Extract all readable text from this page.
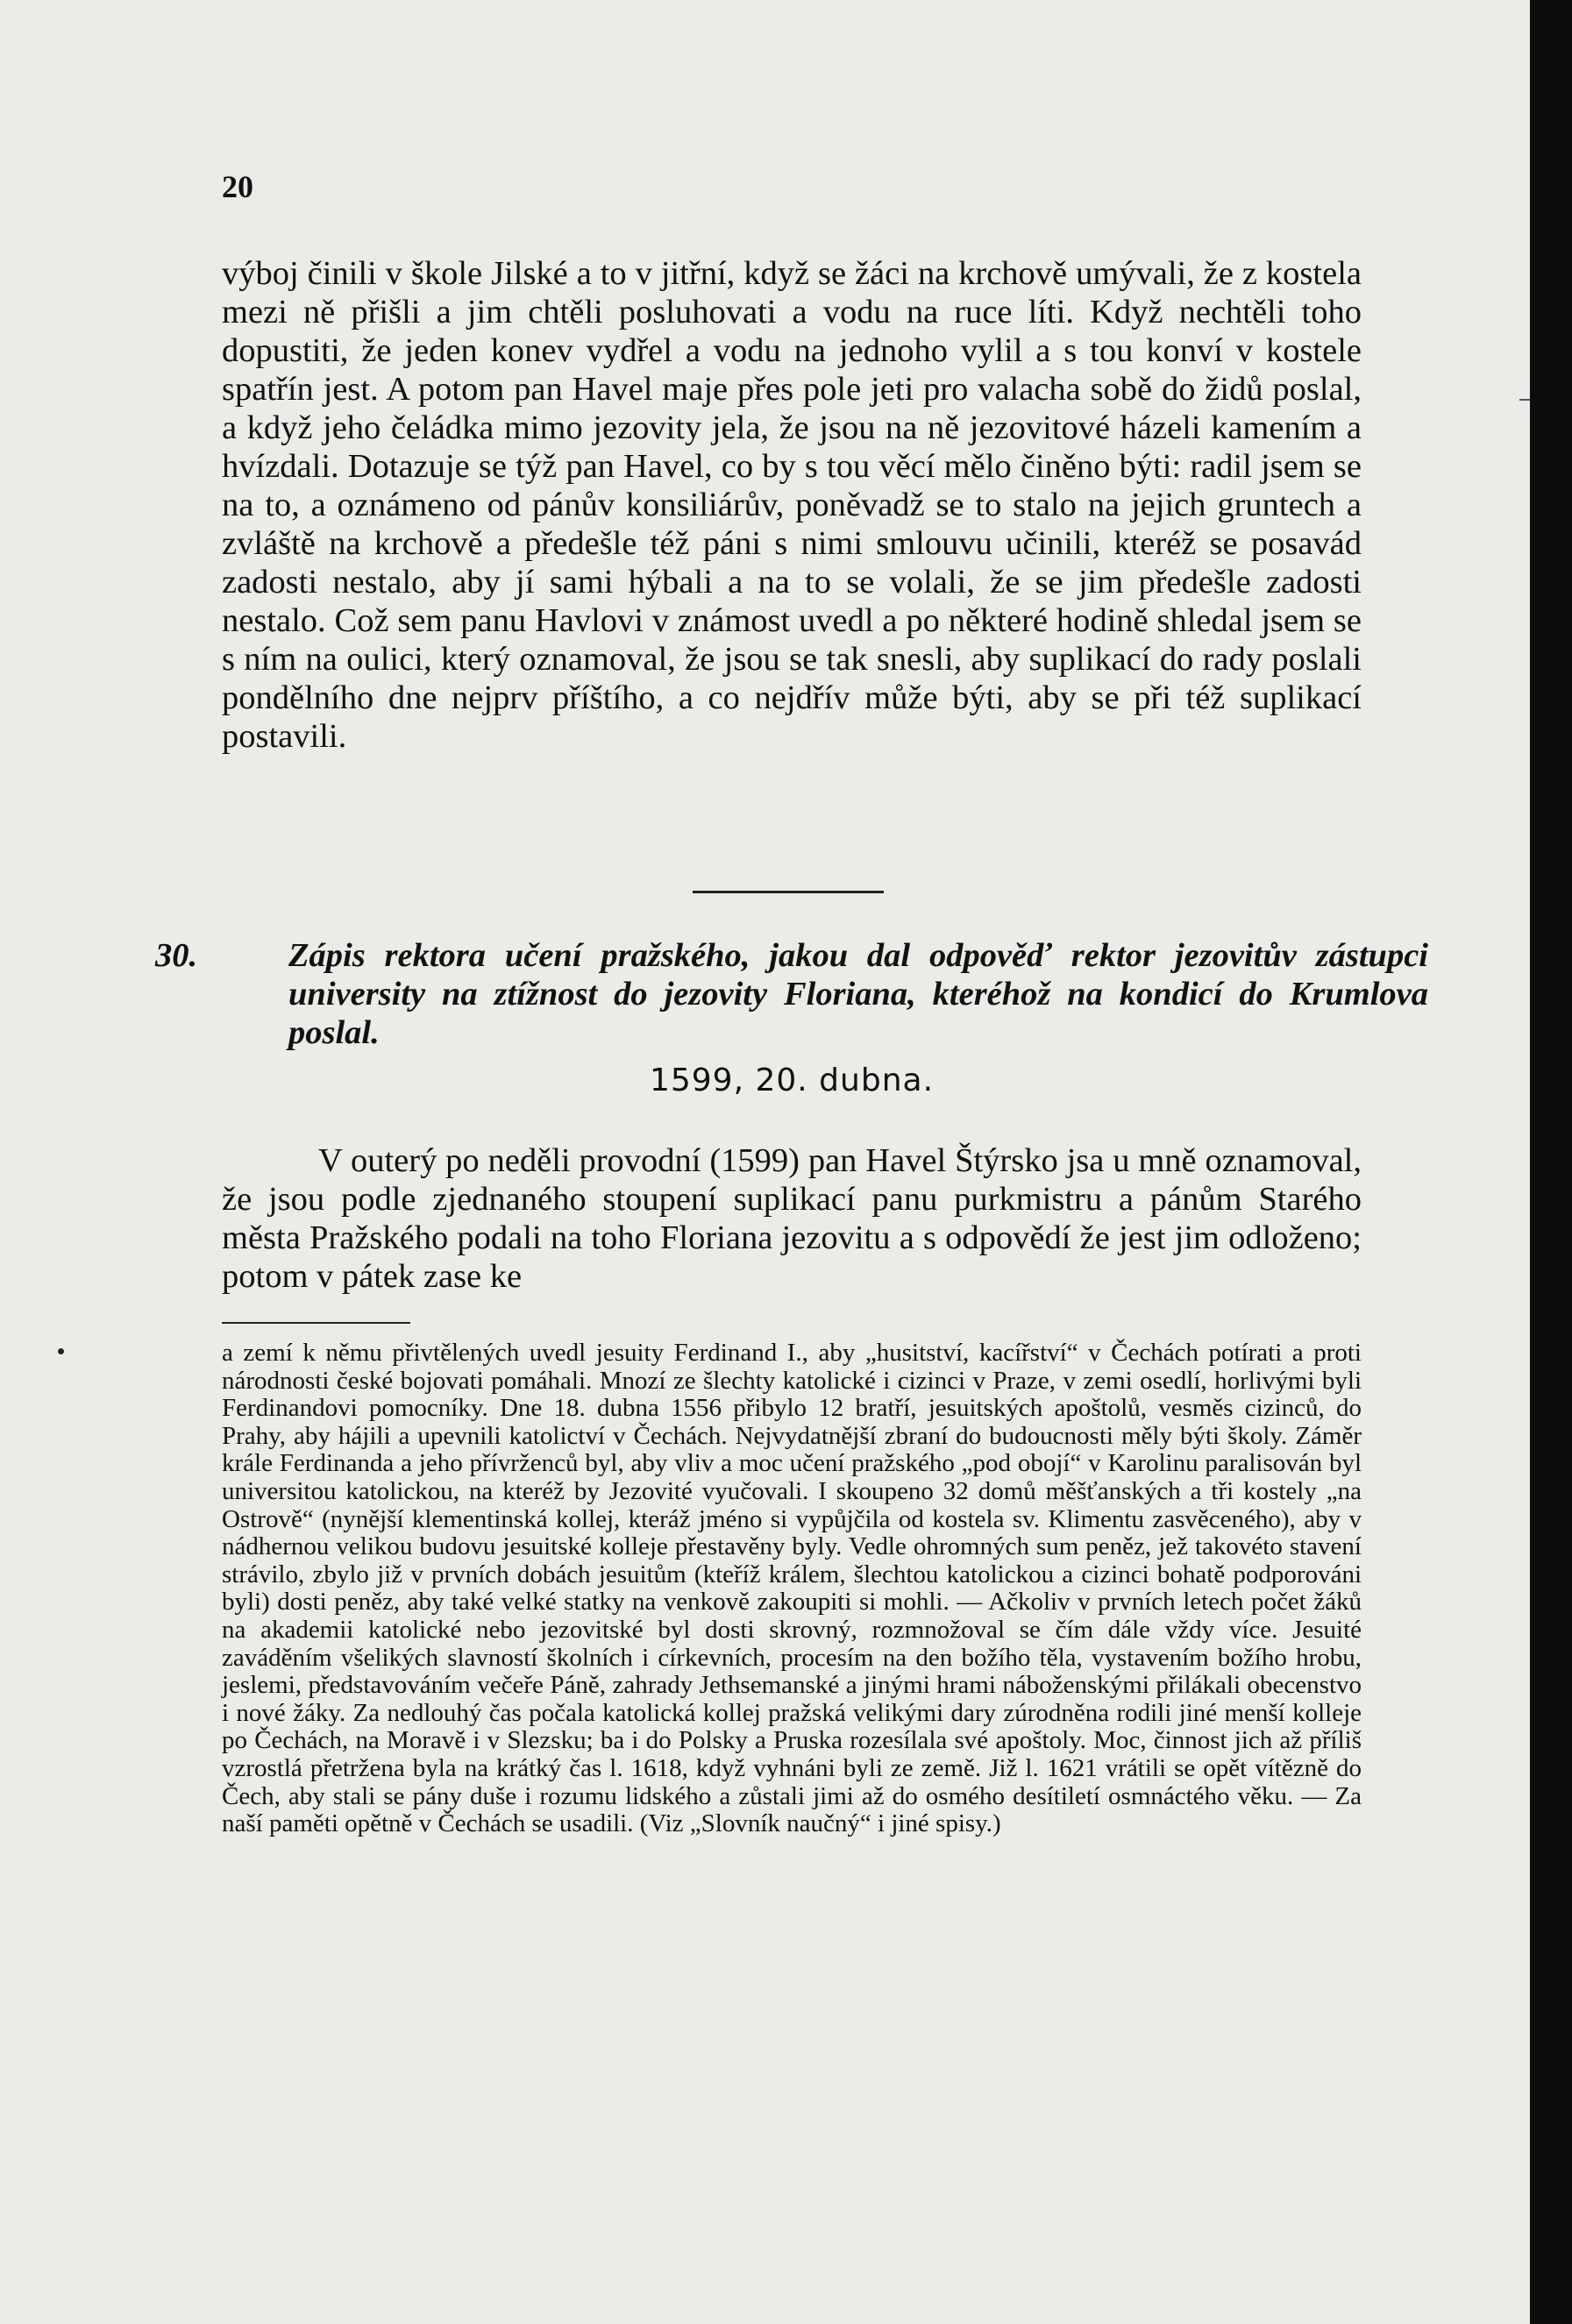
20

výboj činili v škole Jilské a to v jitřní, když se žáci na krchově umývali, že z kostela mezi ně přišli a jim chtěli posluhovati a vodu na ruce líti. Když nechtěli toho dopustiti, že jeden konev vydřel a vodu na jednoho vylil a s tou konví v kostele spatřín jest. A potom pan Havel maje přes pole jeti pro valacha sobě do židů poslal, a když jeho čeládka mimo jezovity jela, že jsou na ně jezovitové házeli kamením a hvízdali. Dotazuje se týž pan Havel, co by s tou věcí mělo činěno býti: radil jsem se na to, a oznámeno od pánův konsiliárův, poněvadž se to stalo na jejich gruntech a zvláště na krchově a předešle též páni s nimi smlouvu učinili, kteréž se posavád zadosti nestalo, aby jí sami hýbali a na to se volali, že se jim předešle zadosti nestalo. Což sem panu Havlovi v známost uvedl a po některé hodině shledal jsem se s ním na oulici, který oznamoval, že jsou se tak snesli, aby suplikací do rady poslali pondělního dne nejprv příštího, a co nejdřív může býti, aby se při též suplikací postavili.

30.	Zápis rektora učení pražského, jakou dal odpověď rektor jezovitův zástupci university na ztížnost do jezovity Floriana, kteréhož na kondicí do Krumlova poslal.
1599, 20. dubna.

V outerý po neděli provodní (1599) pan Havel Štýrsko jsa u mně oznamoval, že jsou podle zjednaného stoupení suplikací panu purkmistru a pánům Starého města Pražského podali na toho Floriana jezovitu a s odpovědí že jest jim odloženo; potom v pátek zase ke

a zemí k němu přivtělených uvedl jesuity Ferdinand I., aby „husitství, kacířství“ v Čechách potírati a proti národnosti české bojovati pomáhali. Mnozí ze šlechty katolické i cizinci v Praze, v zemi osedlí, horlivými byli Ferdinandovi pomocníky. Dne 18. dubna 1556 přibylo 12 bratří, jesuitských apoštolů, vesměs cizinců, do Prahy, aby hájili a upevnili katolictví v Čechách. Nejvydatnější zbraní do budoucnosti měly býti školy. Záměr krále Ferdinanda a jeho přívrženců byl, aby vliv a moc učení pražského „pod obojí“ v Karolinu paralisován byl universitou katolickou, na kteréž by Jezovité vyučovali. I skoupeno 32 domů měšťanských a tři kostely „na Ostrově“ (nynější klementinská kollej, kteráž jméno si vypůjčila od kostela sv. Klimentu zasvěceného), aby v nádhernou velikou budovu jesuitské kolleje přestavěny byly. Vedle ohromných sum peněz, jež takovéto stavení strávilo, zbylo již v prvních dobách jesuitům (kteříž králem, šlechtou katolickou a cizinci bohatě podporováni byli) dosti peněz, aby také velké statky na venkově zakoupiti si mohli. — Ačkoliv v prvních letech počet žáků na akademii katolické nebo jezovitské byl dosti skrovný, rozmnožoval se čím dále vždy více. Jesuité zaváděním všelikých slavností školních i církevních, procesím na den božího těla, vystavením božího hrobu, jeslemi, představováním večeře Páně, zahrady Jethsemanské a jinými hrami náboženskými přilákali obecenstvo i nové žáky. Za nedlouhý čas počala katolická kollej pražská velikými dary zúrodněna rodili jiné menší kolleje po Čechách, na Moravě i v Slezsku; ba i do Polsky a Pruska rozesílala své apoštoly. Moc, činnost jich až příliš vzrostlá přetržena byla na krátký čas l. 1618, když vyhnáni byli ze země. Již l. 1621 vrátili se opět vítězně do Čech, aby stali se pány duše i rozumu lidského a zůstali jimi až do osmého desítiletí osmnáctého věku. — Za naší paměti opětně v Čechách se usadili. (Viz „Slovník naučný“ i jiné spisy.)
